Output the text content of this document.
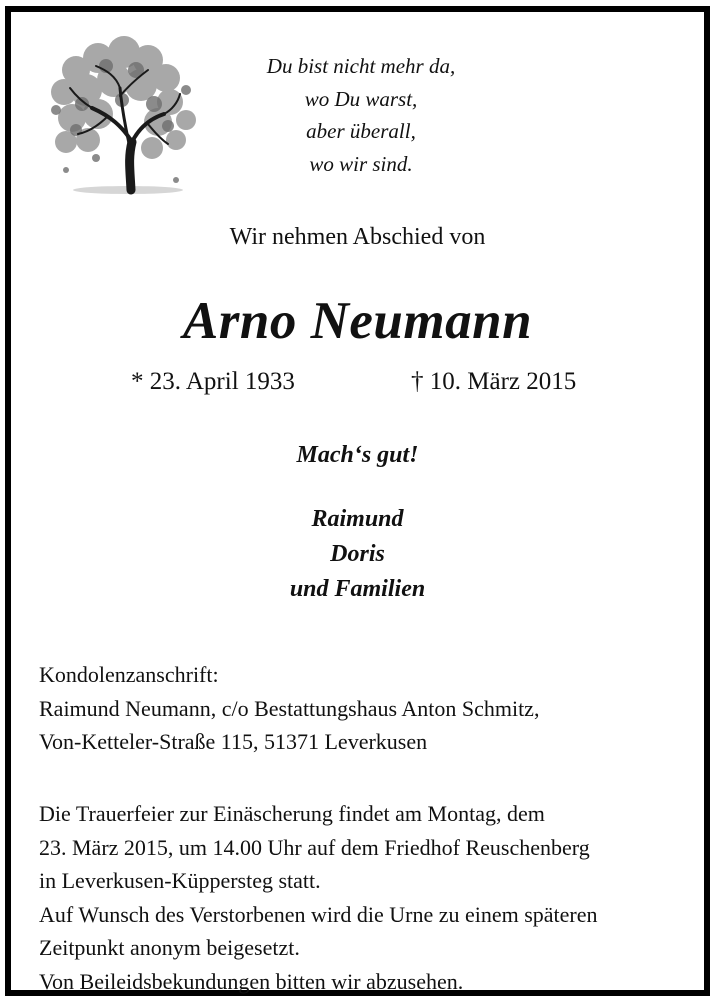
Du bist nicht mehr da,
wo Du warst,
aber überall,
wo wir sind.
Wir nehmen Abschied von
Arno Neumann
* 23. April 1933	† 10. März 2015
Mach‘s gut!
Raimund
Doris
und Familien
Kondolenzanschrift:
Raimund Neumann, c/o Bestattungshaus Anton Schmitz,
Von-Ketteler-Straße 115, 51371 Leverkusen
Die Trauerfeier zur Einäscherung findet am Montag, dem
23. März 2015, um 14.00 Uhr auf dem Friedhof Reuschenberg
in Leverkusen-Küppersteg statt.
Auf Wunsch des Verstorbenen wird die Urne zu einem späteren
Zeitpunkt anonym beigesetzt.
Von Beileidsbekundungen bitten wir abzusehen.
